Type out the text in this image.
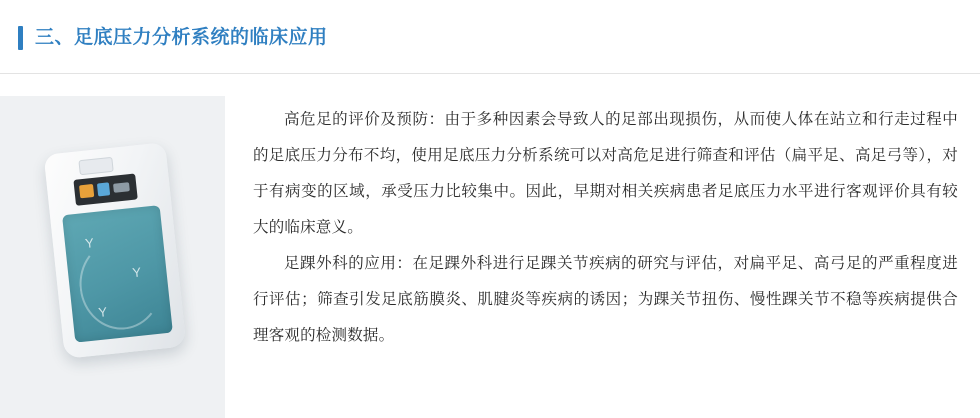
三、足底压力分析系统的临床应用
Y
Y
Y

高危足的评价及预防：由于多种因素会导致人的足部出现损伤，从而使人体在站立和行走过程中的足底压力分布不均，使用足底压力分析系统可以对高危足进行筛查和评估（扁平足、高足弓等），对于有病变的区域，承受压力比较集中。因此，早期对相关疾病患者足底压力水平进行客观评价具有较大的临床意义。

足踝外科的应用：在足踝外科进行足踝关节疾病的研究与评估，对扁平足、高弓足的严重程度进行评估；筛查引发足底筋膜炎、肌腱炎等疾病的诱因；为踝关节扭伤、慢性踝关节不稳等疾病提供合理客观的检测数据。
